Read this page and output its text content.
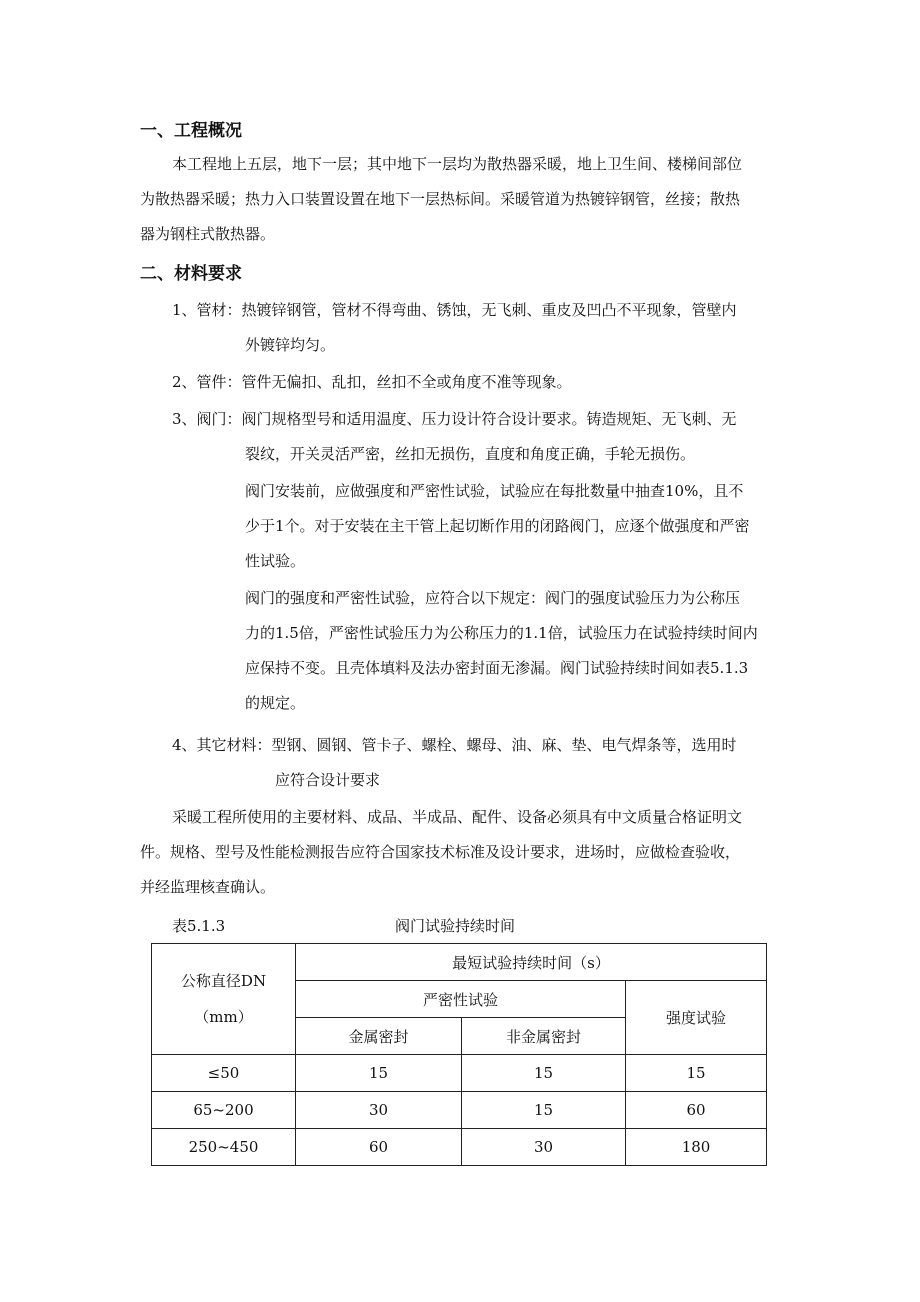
一、工程概况
本工程地上五层，地下一层；其中地下一层均为散热器采暖，地上卫生间、楼梯间部位
为散热器采暖；热力入口装置设置在地下一层热标间。采暖管道为热镀锌钢管，丝接；散热
器为钢柱式散热器。
二、材料要求
1、管材：热镀锌钢管，管材不得弯曲、锈蚀，无飞刺、重皮及凹凸不平现象，管壁内
外镀锌均匀。
2、管件：管件无偏扣、乱扣，丝扣不全或角度不准等现象。
3、阀门：阀门规格型号和适用温度、压力设计符合设计要求。铸造规矩、无飞刺、无
裂纹，开关灵活严密，丝扣无损伤，直度和角度正确，手轮无损伤。
阀门安装前，应做强度和严密性试验，试验应在每批数量中抽查10%，且不
少于1个。对于安装在主干管上起切断作用的闭路阀门，应逐个做强度和严密
性试验。
阀门的强度和严密性试验，应符合以下规定：阀门的强度试验压力为公称压
力的1.5倍，严密性试验压力为公称压力的1.1倍，试验压力在试验持续时间内
应保持不变。且壳体填料及法办密封面无渗漏。阀门试验持续时间如表5.1.3
的规定。
4、其它材料：型钢、圆钢、管卡子、螺栓、螺母、油、麻、垫、电气焊条等，选用时
应符合设计要求
采暖工程所使用的主要材料、成品、半成品、配件、设备必须具有中文质量合格证明文
件。规格、型号及性能检测报告应符合国家技术标准及设计要求，进场时，应做检查验收，
并经监理核查确认。
表5.1.3	阀门试验持续时间
公称直径DN
（mm）	最短试验持续时间（s）		
	严密性试验		强度试验
	金属密封	非金属密封	
≤50	15	15	15
65~200	30	15	60
250~450	60	30	180
